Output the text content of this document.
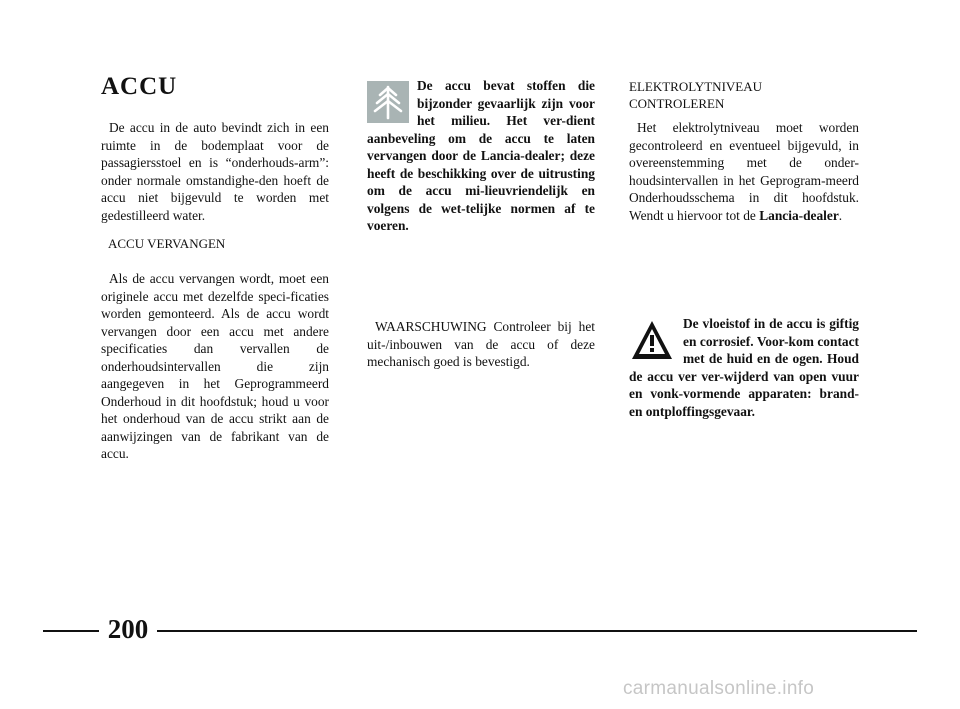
ACCU

De accu in de auto bevindt zich in een ruimte in de bodemplaat voor de passagiersstoel en is “onderhouds-arm”: onder normale omstandighe-den hoeft de accu niet bijgevuld te worden met gedestilleerd water.

ACCU VERVANGEN

Als de accu vervangen wordt, moet een originele accu met dezelfde speci-ficaties worden gemonteerd. Als de accu wordt vervangen door een accu met andere specificaties dan vervallen de onderhoudsintervallen die zijn aangegeven in het Geprogrammeerd Onderhoud in dit hoofdstuk; houd u voor het onderhoud van de accu strikt aan de aanwijzingen van de fabrikant van de accu.

De accu bevat stoffen die bijzonder gevaarlijk zijn voor het milieu. Het ver-dient aanbeveling om de accu te laten vervangen door de Lancia-dealer; deze heeft de beschikking over de uitrusting om de accu mi-lieuvriendelijk en volgens de wet-telijke normen af te voeren.

WAARSCHUWING Controleer bij het uit-/inbouwen van de accu of deze mechanisch goed is bevestigd.

ELEKTROLYTNIVEAU
CONTROLEREN

Het elektrolytniveau moet worden gecontroleerd en eventueel bijgevuld, in overeenstemming met de onder-houdsintervallen in het Geprogram-meerd Onderhoudsschema in dit hoofdstuk. Wendt u hiervoor tot de Lancia-dealer.

De vloeistof in de accu is giftig en corrosief. Voor-kom contact met de huid en de ogen. Houd de accu ver ver-wijderd van open vuur en vonk-vormende apparaten: brand- en ontploffingsgevaar.

200
carmanualsonline.info
